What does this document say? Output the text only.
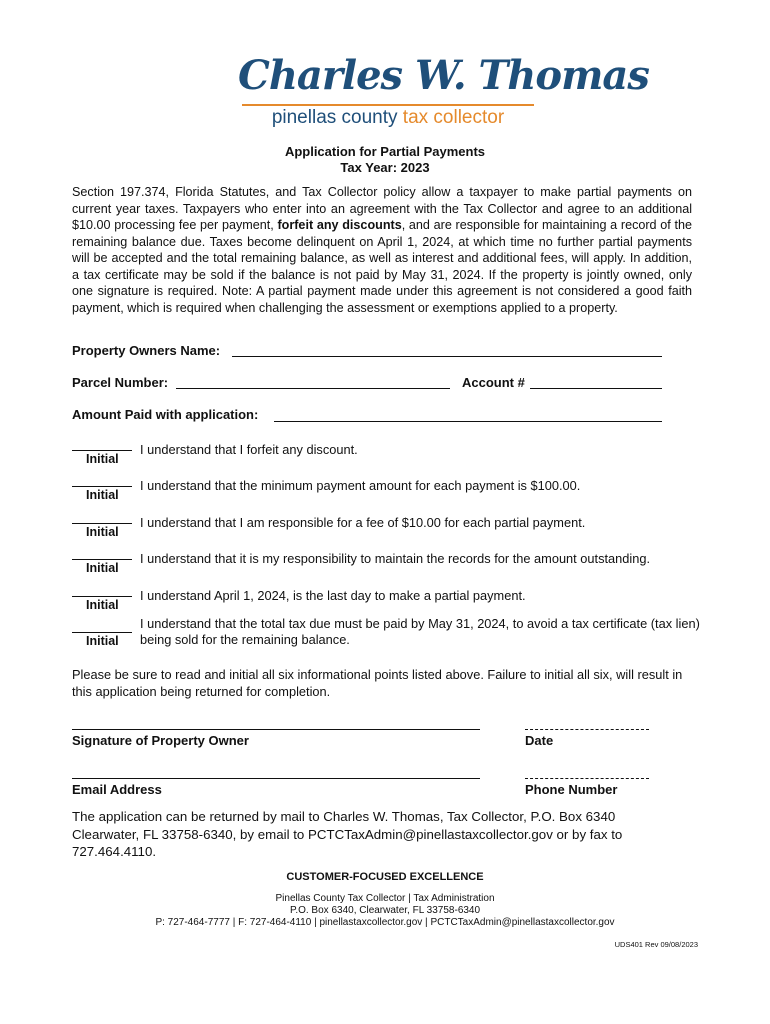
Charles W. Thomas
pinellas county tax collector
Application for Partial Payments
Tax Year: 2023

Section 197.374, Florida Statutes, and Tax Collector policy allow a taxpayer to make partial payments on current year taxes. Taxpayers who enter into an agreement with the Tax Collector and agree to an additional $10.00 processing fee per payment, forfeit any discounts, and are responsible for maintaining a record of the remaining balance due. Taxes become delinquent on April 1, 2024, at which time no further partial payments will be accepted and the total remaining balance, as well as interest and additional fees, will apply. In addition, a tax certificate may be sold if the balance is not paid by May 31, 2024. If the property is jointly owned, only one signature is required. Note: A partial payment made under this agreement is not considered a good faith payment, which is required when challenging the assessment or exemptions applied to a property.

Property Owners Name:
Parcel Number:	Account #
Amount Paid with application:
Initial
I understand that I forfeit any discount.
Initial
I understand that the minimum payment amount for each payment is $100.00.
Initial
I understand that I am responsible for a fee of $10.00 for each partial payment.
Initial
I understand that it is my responsibility to maintain the records for the amount outstanding.
Initial
I understand April 1, 2024, is the last day to make a partial payment.
Initial
I understand that the total tax due must be paid by May 31, 2024, to avoid a tax certificate (tax lien) being sold for the remaining balance.

Please be sure to read and initial all six informational points listed above. Failure to initial all six, will result in this application being returned for completion.

Signature of Property Owner	Date
Email Address	Phone Number

The application can be returned by mail to Charles W. Thomas, Tax Collector, P.O. Box 6340 Clearwater, FL 33758-6340, by email to PCTCTaxAdmin@pinellastaxcollector.gov or by fax to 727.464.4110.

CUSTOMER-FOCUSED EXCELLENCE
Pinellas County Tax Collector | Tax Administration
P.O. Box 6340, Clearwater, FL 33758-6340
P: 727-464-7777 | F: 727-464-4110 | pinellastaxcollector.gov | PCTCTaxAdmin@pinellastaxcollector.gov
UDS401 Rev 09/08/2023
